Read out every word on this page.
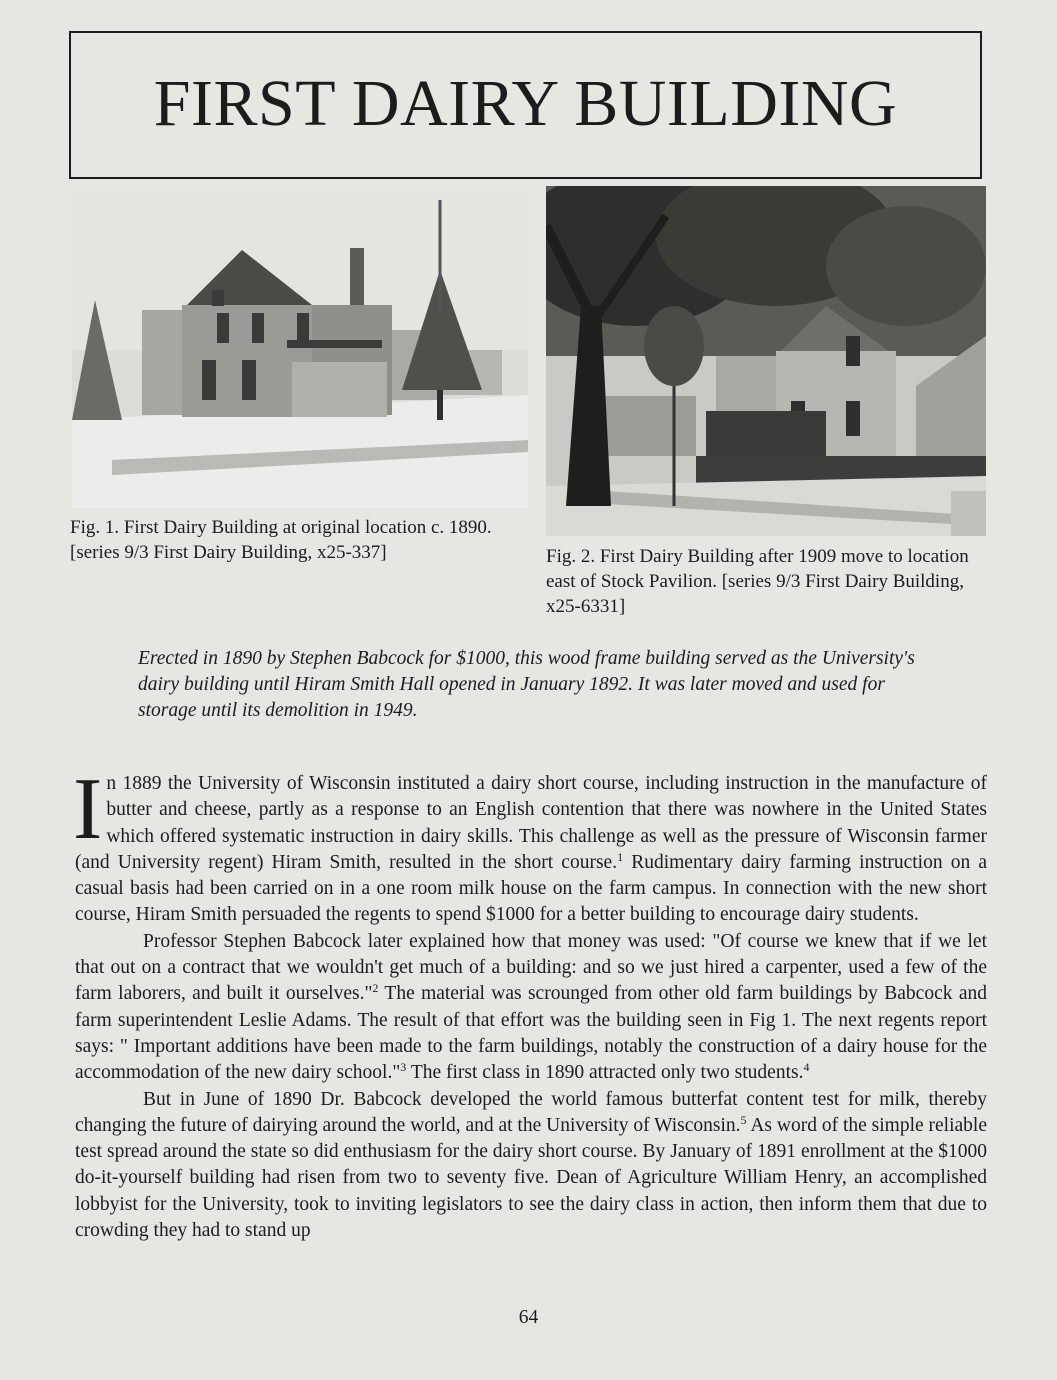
FIRST DAIRY BUILDING
Fig. 1. First Dairy Building at original location c. 1890. [series 9/3 First Dairy Building, x25-337]	Fig. 2. First Dairy Building after 1909 move to location east of Stock Pavilion. [series 9/3 First Dairy Building, x25-6331]
Erected in 1890 by Stephen Babcock for $1000, this wood frame building served as the University's dairy building until Hiram Smith Hall opened in January 1892. It was later moved and used for storage until its demolition in 1949.

In 1889 the University of Wisconsin instituted a dairy short course, including instruction in the manufacture of butter and cheese, partly as a response to an English contention that there was nowhere in the United States which offered systematic instruction in dairy skills. This challenge as well as the pressure of Wisconsin farmer (and University regent) Hiram Smith, resulted in the short course.$^1$ Rudimentary dairy farming instruction on a casual basis had been carried on in a one room milk house on the farm campus. In connection with the new short course, Hiram Smith persuaded the regents to spend $1000 for a better building to encourage dairy students.

Professor Stephen Babcock later explained how that money was used: "Of course we knew that if we let that out on a contract that we wouldn't get much of a building: and so we just hired a carpenter, used a few of the farm laborers, and built it ourselves."$^2$ The material was scrounged from other old farm buildings by Babcock and farm superintendent Leslie Adams. The result of that effort was the building seen in Fig 1. The next regents report says: " Important additions have been made to the farm buildings, notably the construction of a dairy house for the accommodation of the new dairy school."$^3$ The first class in 1890 attracted only two students.$^4$

But in June of 1890 Dr. Babcock developed the world famous butterfat content test for milk, thereby changing the future of dairying around the world, and at the University of Wisconsin.$^5$ As word of the simple reliable test spread around the state so did enthusiasm for the dairy short course. By January of 1891 enrollment at the $1000 do-it-yourself building had risen from two to seventy five. Dean of Agriculture William Henry, an accomplished lobbyist for the University, took to inviting legislators to see the dairy class in action, then inform them that due to crowding they had to stand up

64
